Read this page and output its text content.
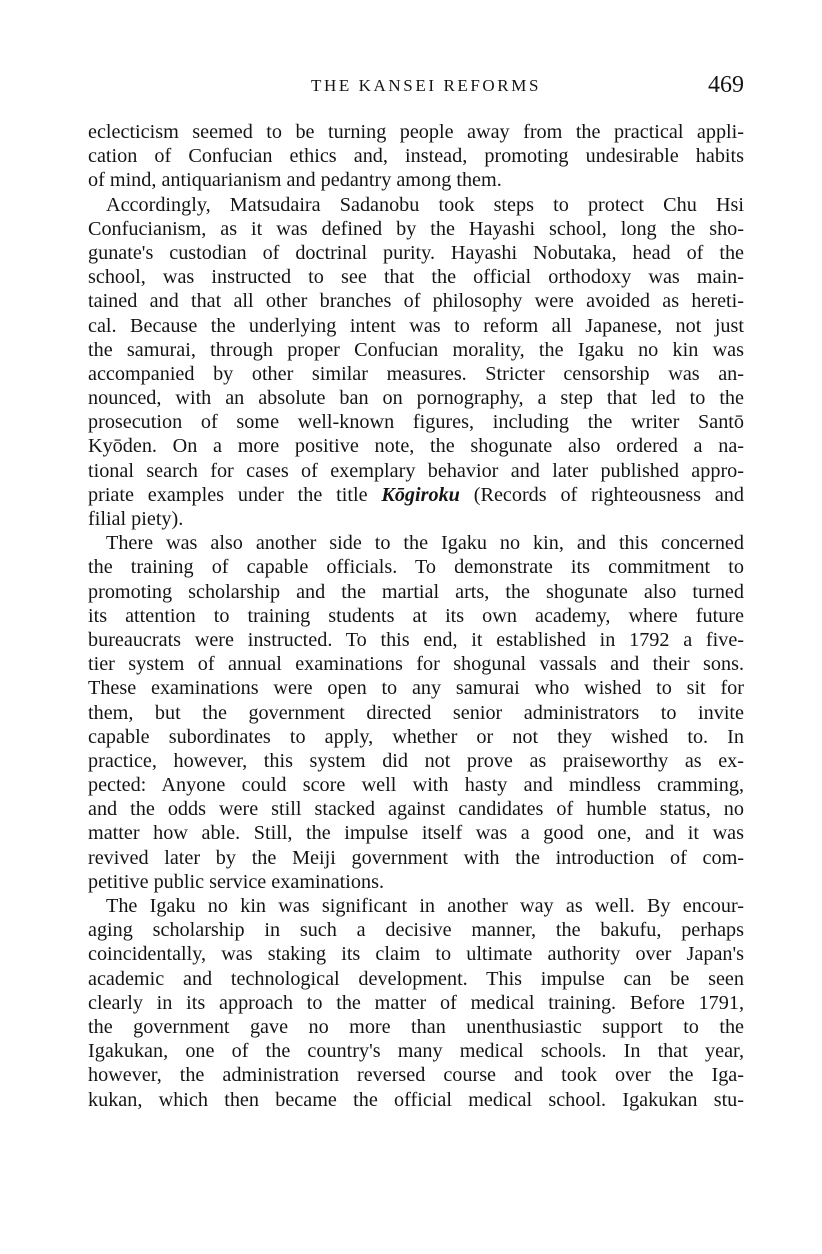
THE KANSEI REFORMS	469
eclecticism seemed to be turning people away from the practical appli-
cation of Confucian ethics and, instead, promoting undesirable habits
of mind, antiquarianism and pedantry among them.
Accordingly, Matsudaira Sadanobu took steps to protect Chu Hsi
Confucianism, as it was defined by the Hayashi school, long the sho-
gunate's custodian of doctrinal purity. Hayashi Nobutaka, head of the
school, was instructed to see that the official orthodoxy was main-
tained and that all other branches of philosophy were avoided as hereti-
cal. Because the underlying intent was to reform all Japanese, not just
the samurai, through proper Confucian morality, the Igaku no kin was
accompanied by other similar measures. Stricter censorship was an-
nounced, with an absolute ban on pornography, a step that led to the
prosecution of some well-known figures, including the writer Santō
Kyōden. On a more positive note, the shogunate also ordered a na-
tional search for cases of exemplary behavior and later published appro-
priate examples under the title Kōgiroku (Records of righteousness and
filial piety).
There was also another side to the Igaku no kin, and this concerned
the training of capable officials. To demonstrate its commitment to
promoting scholarship and the martial arts, the shogunate also turned
its attention to training students at its own academy, where future
bureaucrats were instructed. To this end, it established in 1792 a five-
tier system of annual examinations for shogunal vassals and their sons.
These examinations were open to any samurai who wished to sit for
them, but the government directed senior administrators to invite
capable subordinates to apply, whether or not they wished to. In
practice, however, this system did not prove as praiseworthy as ex-
pected: Anyone could score well with hasty and mindless cramming,
and the odds were still stacked against candidates of humble status, no
matter how able. Still, the impulse itself was a good one, and it was
revived later by the Meiji government with the introduction of com-
petitive public service examinations.
The Igaku no kin was significant in another way as well. By encour-
aging scholarship in such a decisive manner, the bakufu, perhaps
coincidentally, was staking its claim to ultimate authority over Japan's
academic and technological development. This impulse can be seen
clearly in its approach to the matter of medical training. Before 1791,
the government gave no more than unenthusiastic support to the
Igakukan, one of the country's many medical schools. In that year,
however, the administration reversed course and took over the Iga-
kukan, which then became the official medical school. Igakukan stu-
